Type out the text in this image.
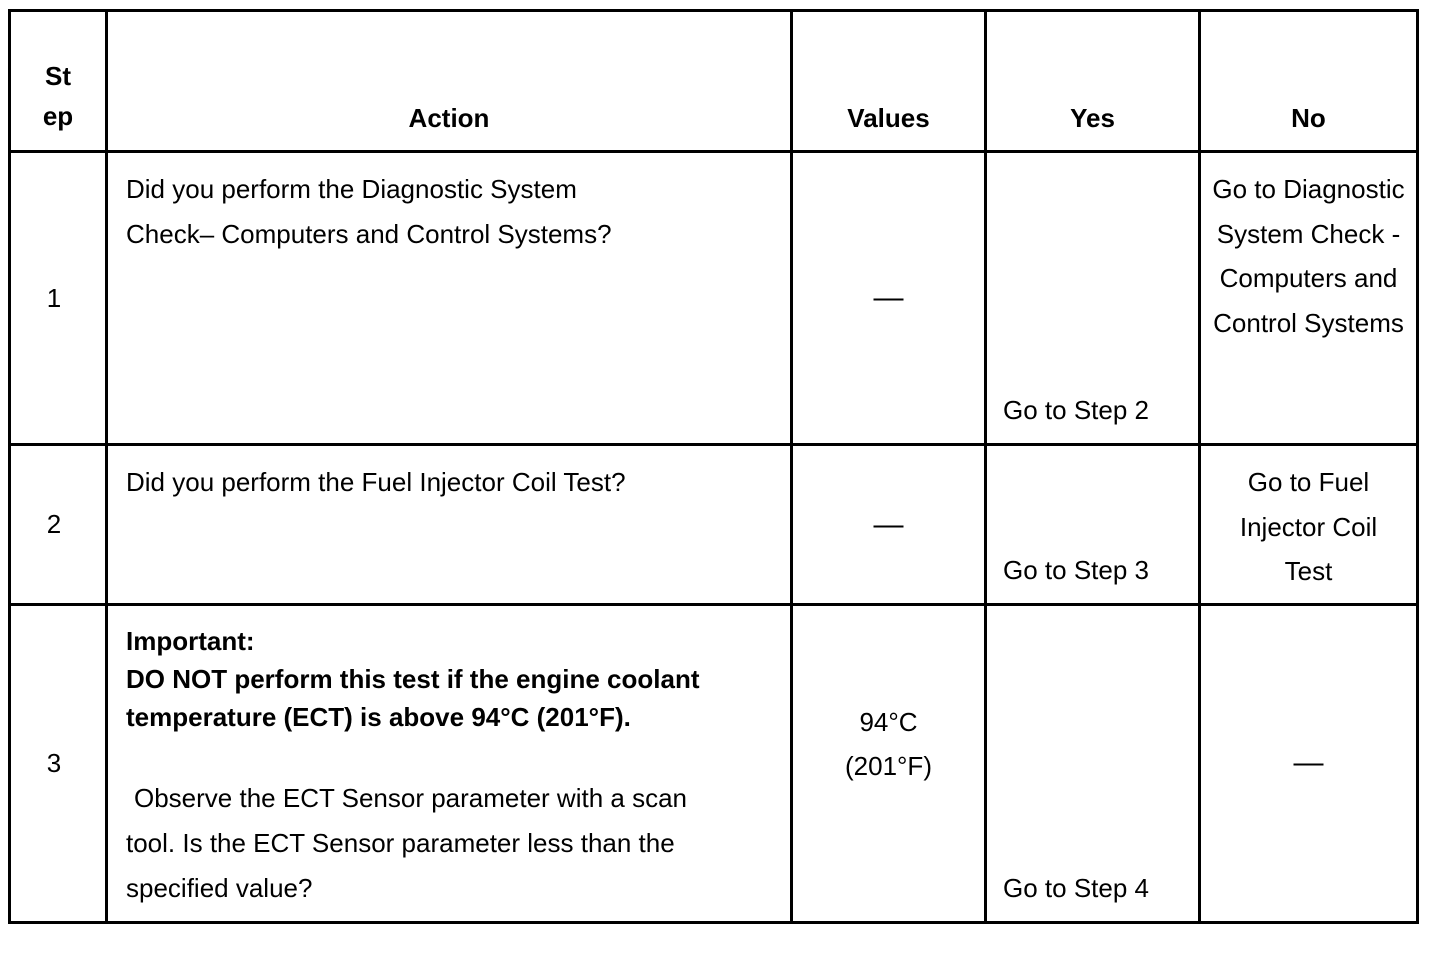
St ep	Action	Values	Yes	No
1	Did you perform the Diagnostic System Check– Computers and Control Systems?	—	Go to Step 2	Go to Diagnostic System Check - Computers and Control Systems

2	Did you perform the Fuel Injector Coil Test?	—	Go to Step 3	Go to Fuel Injector Coil Test

3	Important:
DO NOT perform this test if the engine coolant temperature (ECT) is above 94°C (201°F).
Observe the ECT Sensor parameter with a scan tool. Is the ECT Sensor parameter less than the specified value?	94°C (201°F)	Go to Step 4	—
